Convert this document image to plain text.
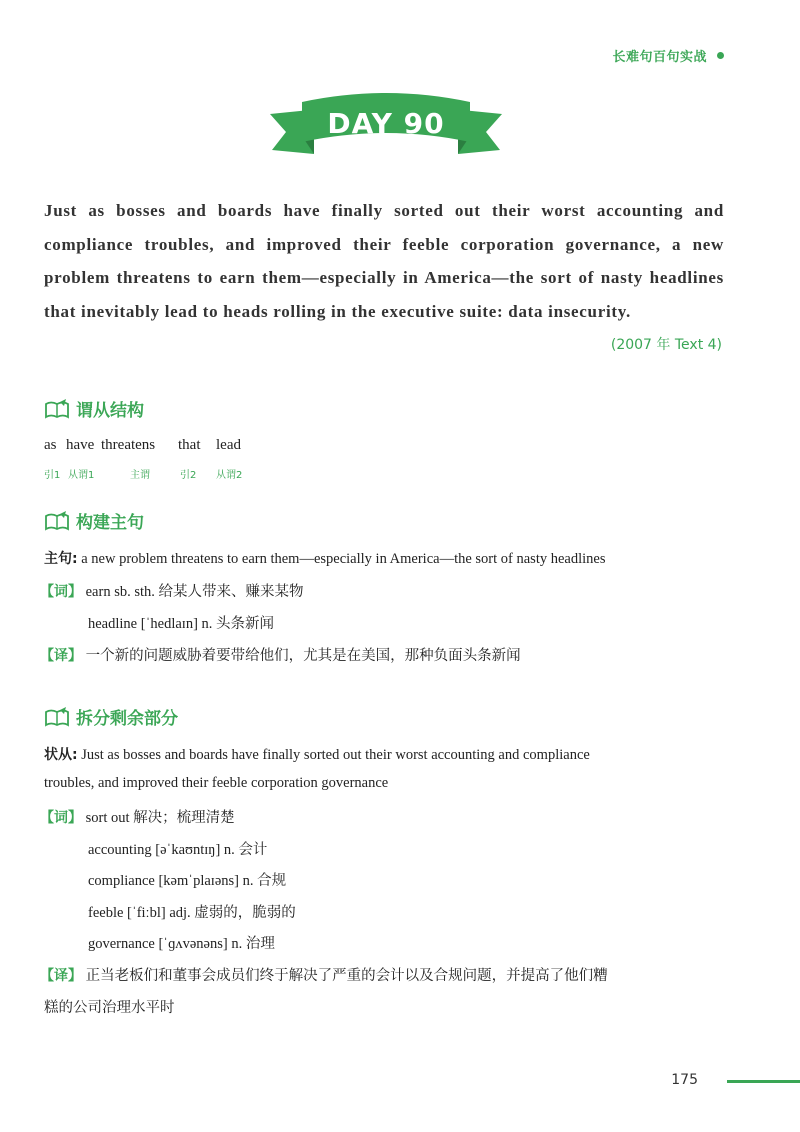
长难句百句实战
DAY 90
Just as bosses and boards have finally sorted out their worst accounting and compliance troubles, and improved their feeble corporation governance, a new problem threatens to earn them—especially in America—the sort of nasty headlines that inevitably lead to heads rolling in the executive suite: data insecurity.
(2007 年 Text 4)
谓从结构
as have threatens that lead
引1 从谓1	主谓	引2 从谓2
构建主句
主句: a new problem threatens to earn them—especially in America—the sort of nasty headlines
【词】 earn sb. sth. 给某人带来、赚来某物
headline [ˈhedlaɪn] n. 头条新闻
【译】 一个新的问题威胁着要带给他们，尤其是在美国，那种负面头条新闻
拆分剩余部分
状从: Just as bosses and boards have finally sorted out their worst accounting and compliance
troubles, and improved their feeble corporation governance
【词】 sort out 解决；梳理清楚
accounting [əˈkaʊntɪŋ] n. 会计
compliance [kəmˈplaɪəns] n. 合规
feeble [ˈfiːbl] adj. 虚弱的，脆弱的
governance [ˈɡʌvənəns] n. 治理
【译】 正当老板们和董事会成员们终于解决了严重的会计以及合规问题，并提高了他们糟
糕的公司治理水平时
175
